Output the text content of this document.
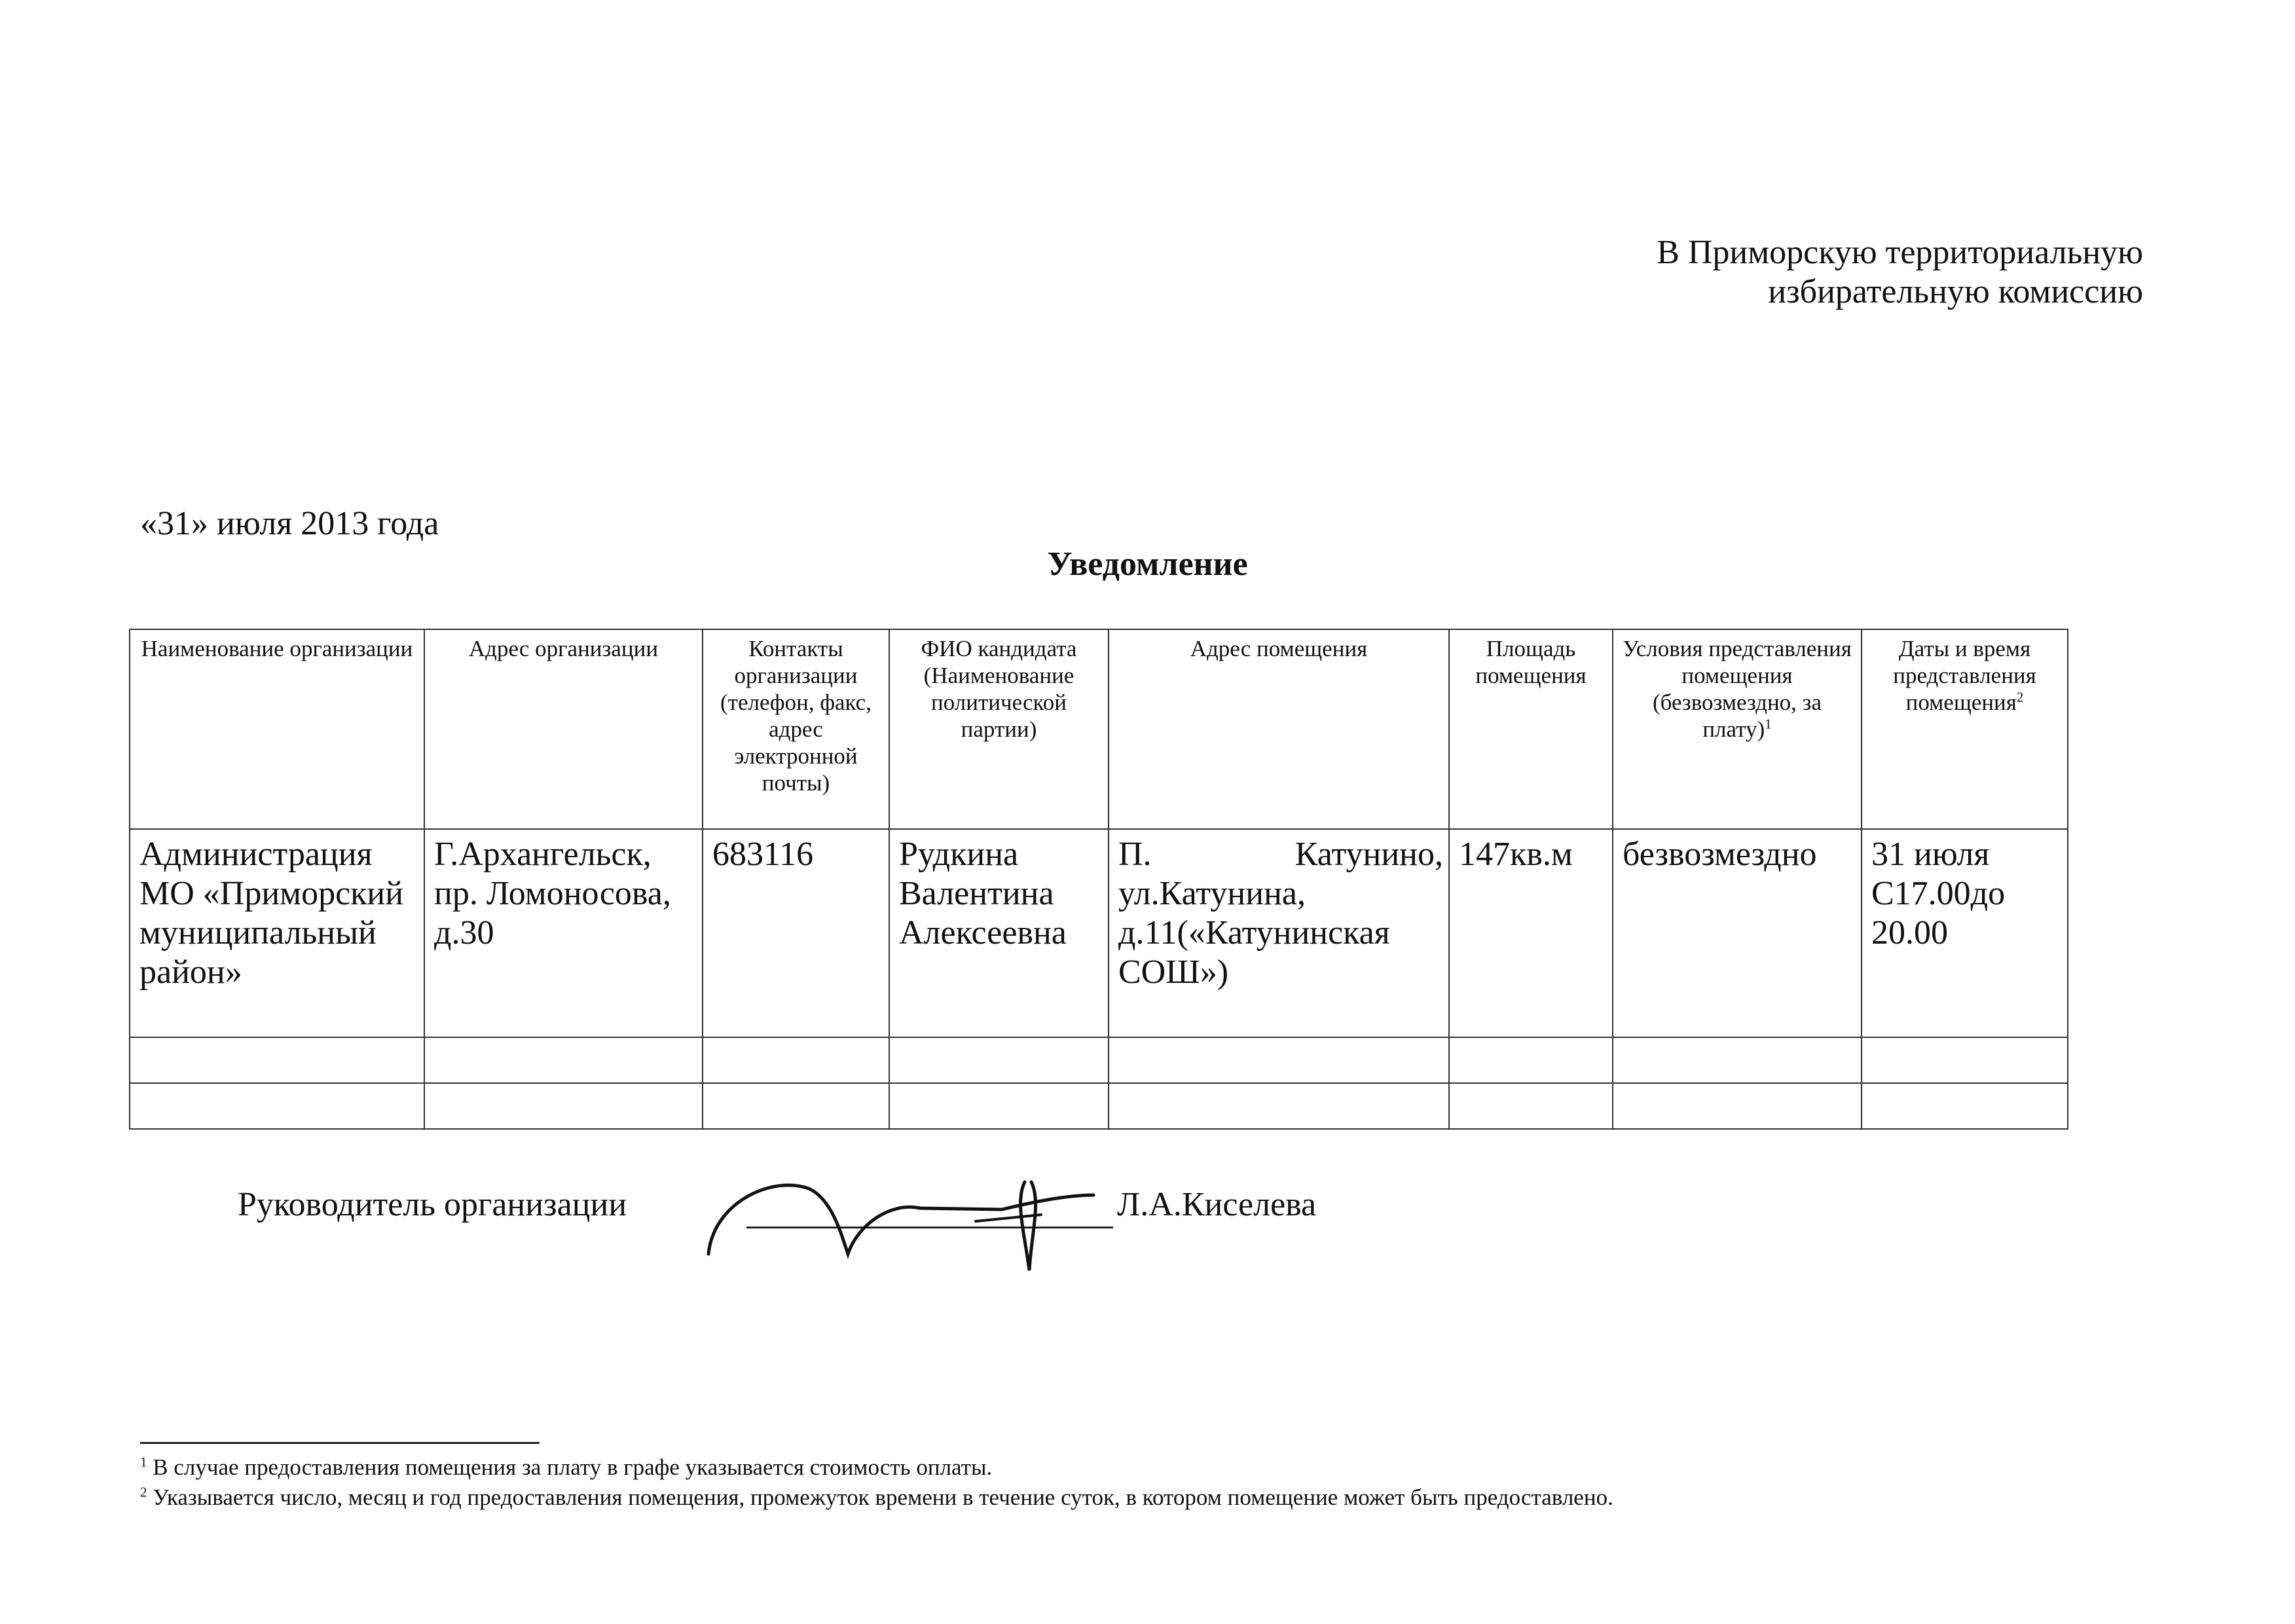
В Приморскую территориальную
избирательную комиссию
«31» июля 2013 года
Уведомление
Наименование организации	Адрес организации	Контакты организации (телефон, факс, адрес электронной почты)	ФИО кандидата (Наименование политической партии)	Адрес помещения	Площадь помещения	Условия представления помещения (безвозмездно, за плату)$^1$	Даты и время представления помещения$^2$
Администрация МО «Приморский муниципальный район»	Г.Архангельск, пр. Ломоносова, д.30	683116	Рудкина Валентина Алексеевна	П. Катунино, ул.Катунина, д.11(«Катунинская СОШ»)	147кв.м	безвозмездно	31 июля С17.00до 20.00

Руководитель организации	Л.А.Киселева
$^1$ В случае предоставления помещения за плату в графе указывается стоимость оплаты.
$^2$ Указывается число, месяц и год предоставления помещения, промежуток времени в течение суток, в котором помещение может быть предоставлено.
